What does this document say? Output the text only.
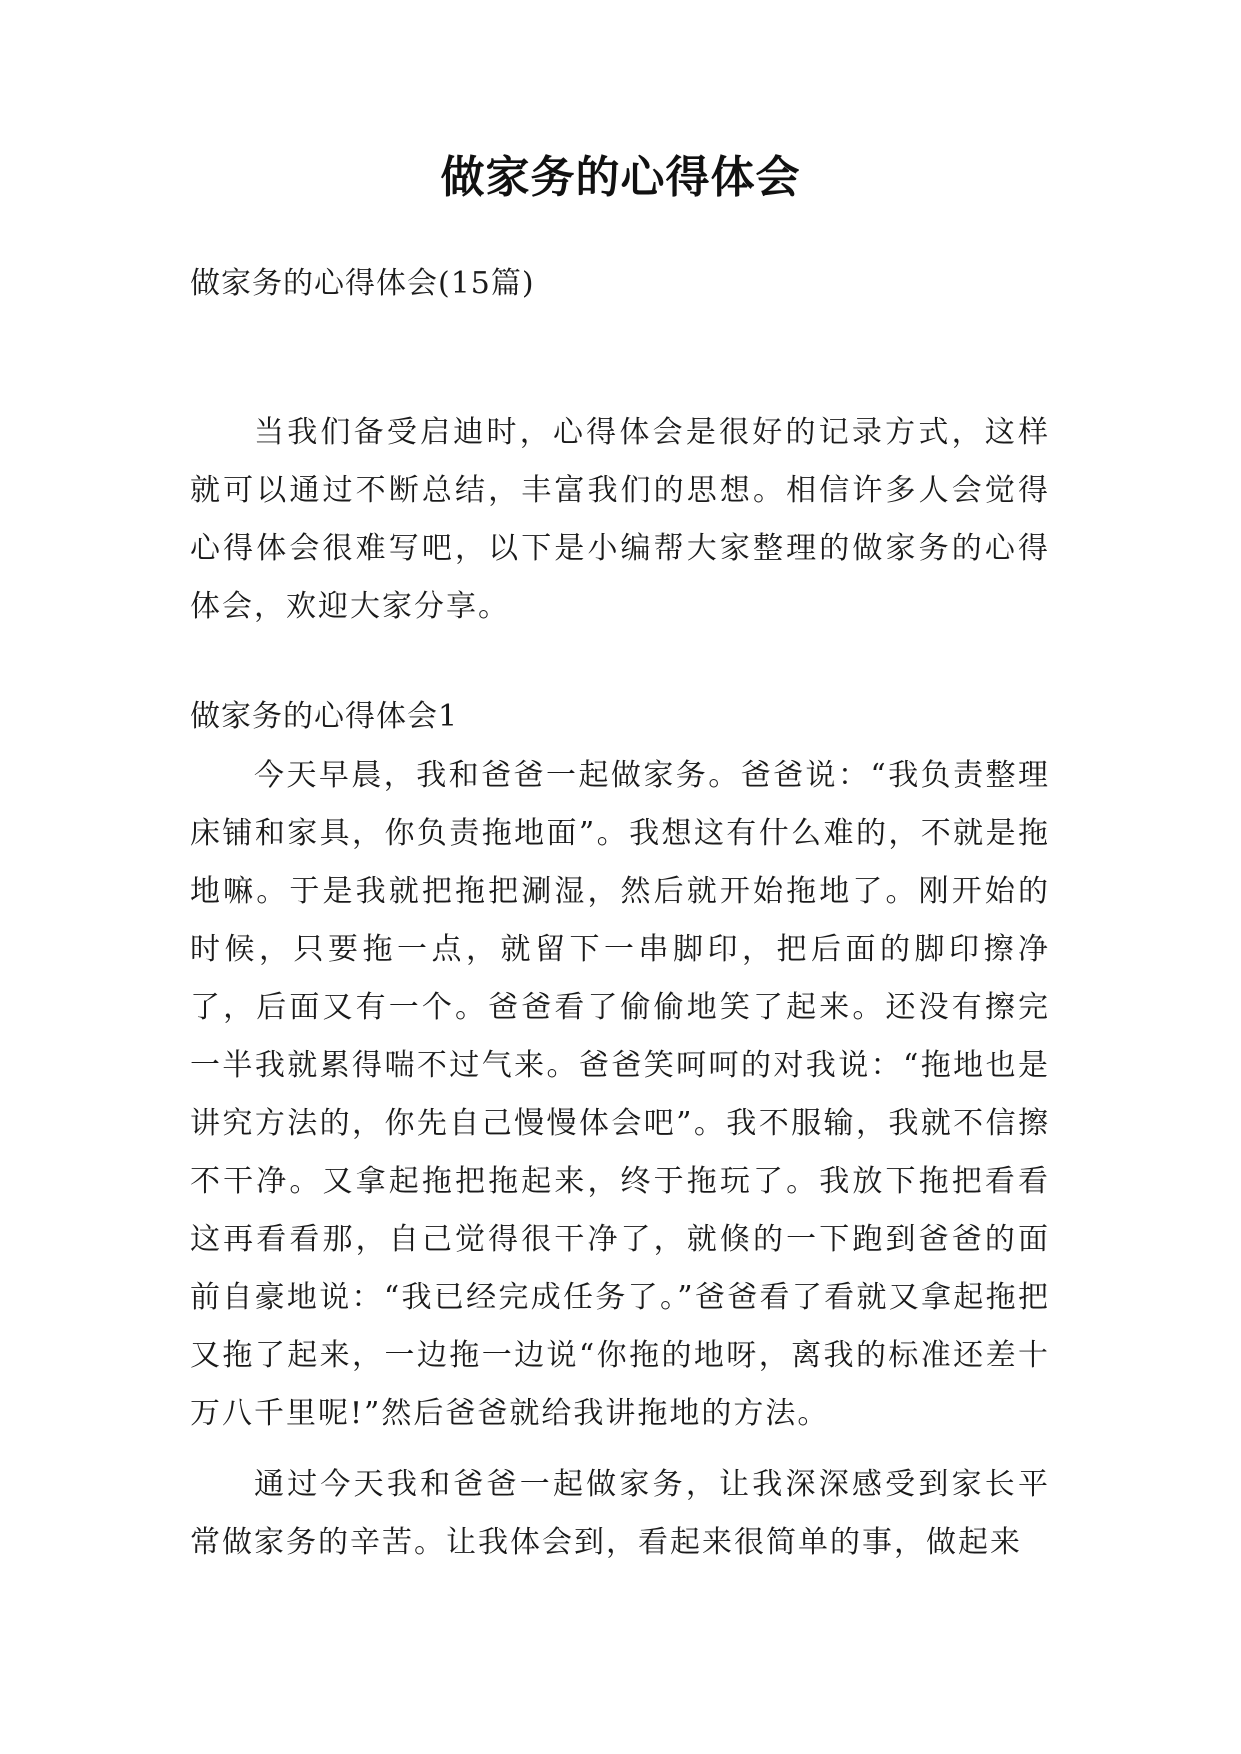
做家务的心得体会
做家务的心得体会(15篇)
当我们备受启迪时，心得体会是很好的记录方式，这样就可以通过不断总结，丰富我们的思想。相信许多人会觉得心得体会很难写吧，以下是小编帮大家整理的做家务的心得体会，欢迎大家分享。
做家务的心得体会1
今天早晨，我和爸爸一起做家务。爸爸说：“我负责整理床铺和家具，你负责拖地面”。我想这有什么难的，不就是拖地嘛。于是我就把拖把涮湿，然后就开始拖地了。刚开始的时候，只要拖一点，就留下一串脚印，把后面的脚印擦净了，后面又有一个。爸爸看了偷偷地笑了起来。还没有擦完一半我就累得喘不过气来。爸爸笑呵呵的对我说：“拖地也是讲究方法的，你先自己慢慢体会吧”。我不服输，我就不信擦不干净。又拿起拖把拖起来，终于拖玩了。我放下拖把看看这再看看那，自己觉得很干净了，就倏的一下跑到爸爸的面前自豪地说：“我已经完成任务了。”爸爸看了看就又拿起拖把又拖了起来，一边拖一边说“你拖的地呀，离我的标准还差十万八千里呢!”然后爸爸就给我讲拖地的方法。
通过今天我和爸爸一起做家务，让我深深感受到家长平常做家务的辛苦。让我体会到，看起来很简单的事，做起来
